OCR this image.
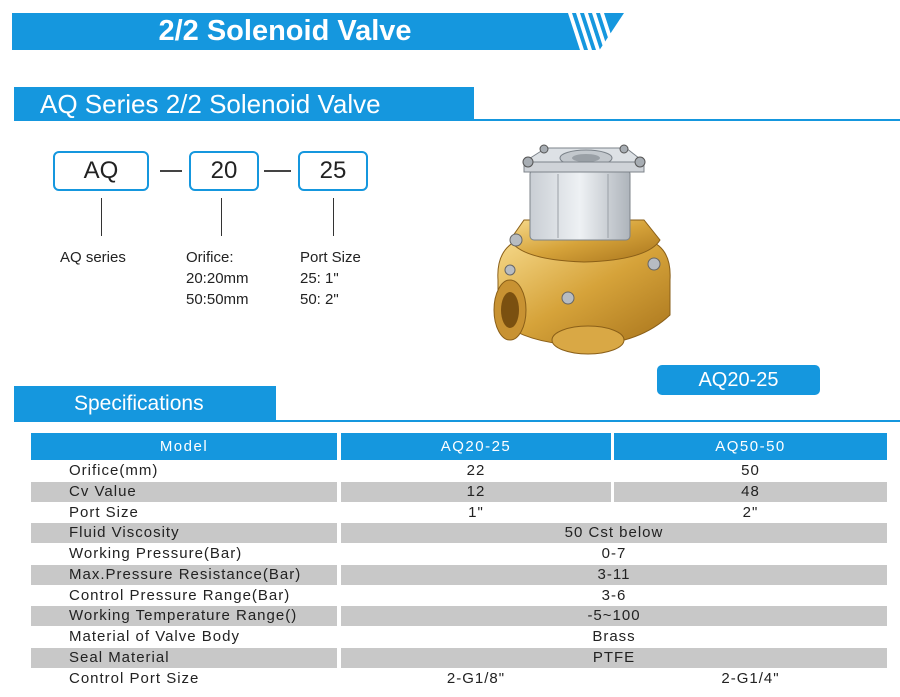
2/2 Solenoid Valve
AQ Series 2/2 Solenoid Valve
AQ	20	25
AQ series	Orifice:
20:20mm
50:50mm
Port Size
25: 1"
50: 2"
AQ20-25
Specifications
Model	AQ20-25	AQ50-50
Orifice(mm)	22	50
Cv Value	12	48
Port Size	1"	2"
Fluid Viscosity	50 Cst below
Working Pressure(Bar)	0-7
Max.Pressure Resistance(Bar)	3-11
Control Pressure Range(Bar)	3-6
Working Temperature Range()	-5~100
Material of Valve Body	Brass
Seal Material	PTFE
Control Port Size	2-G1/8"	2-G1/4"
